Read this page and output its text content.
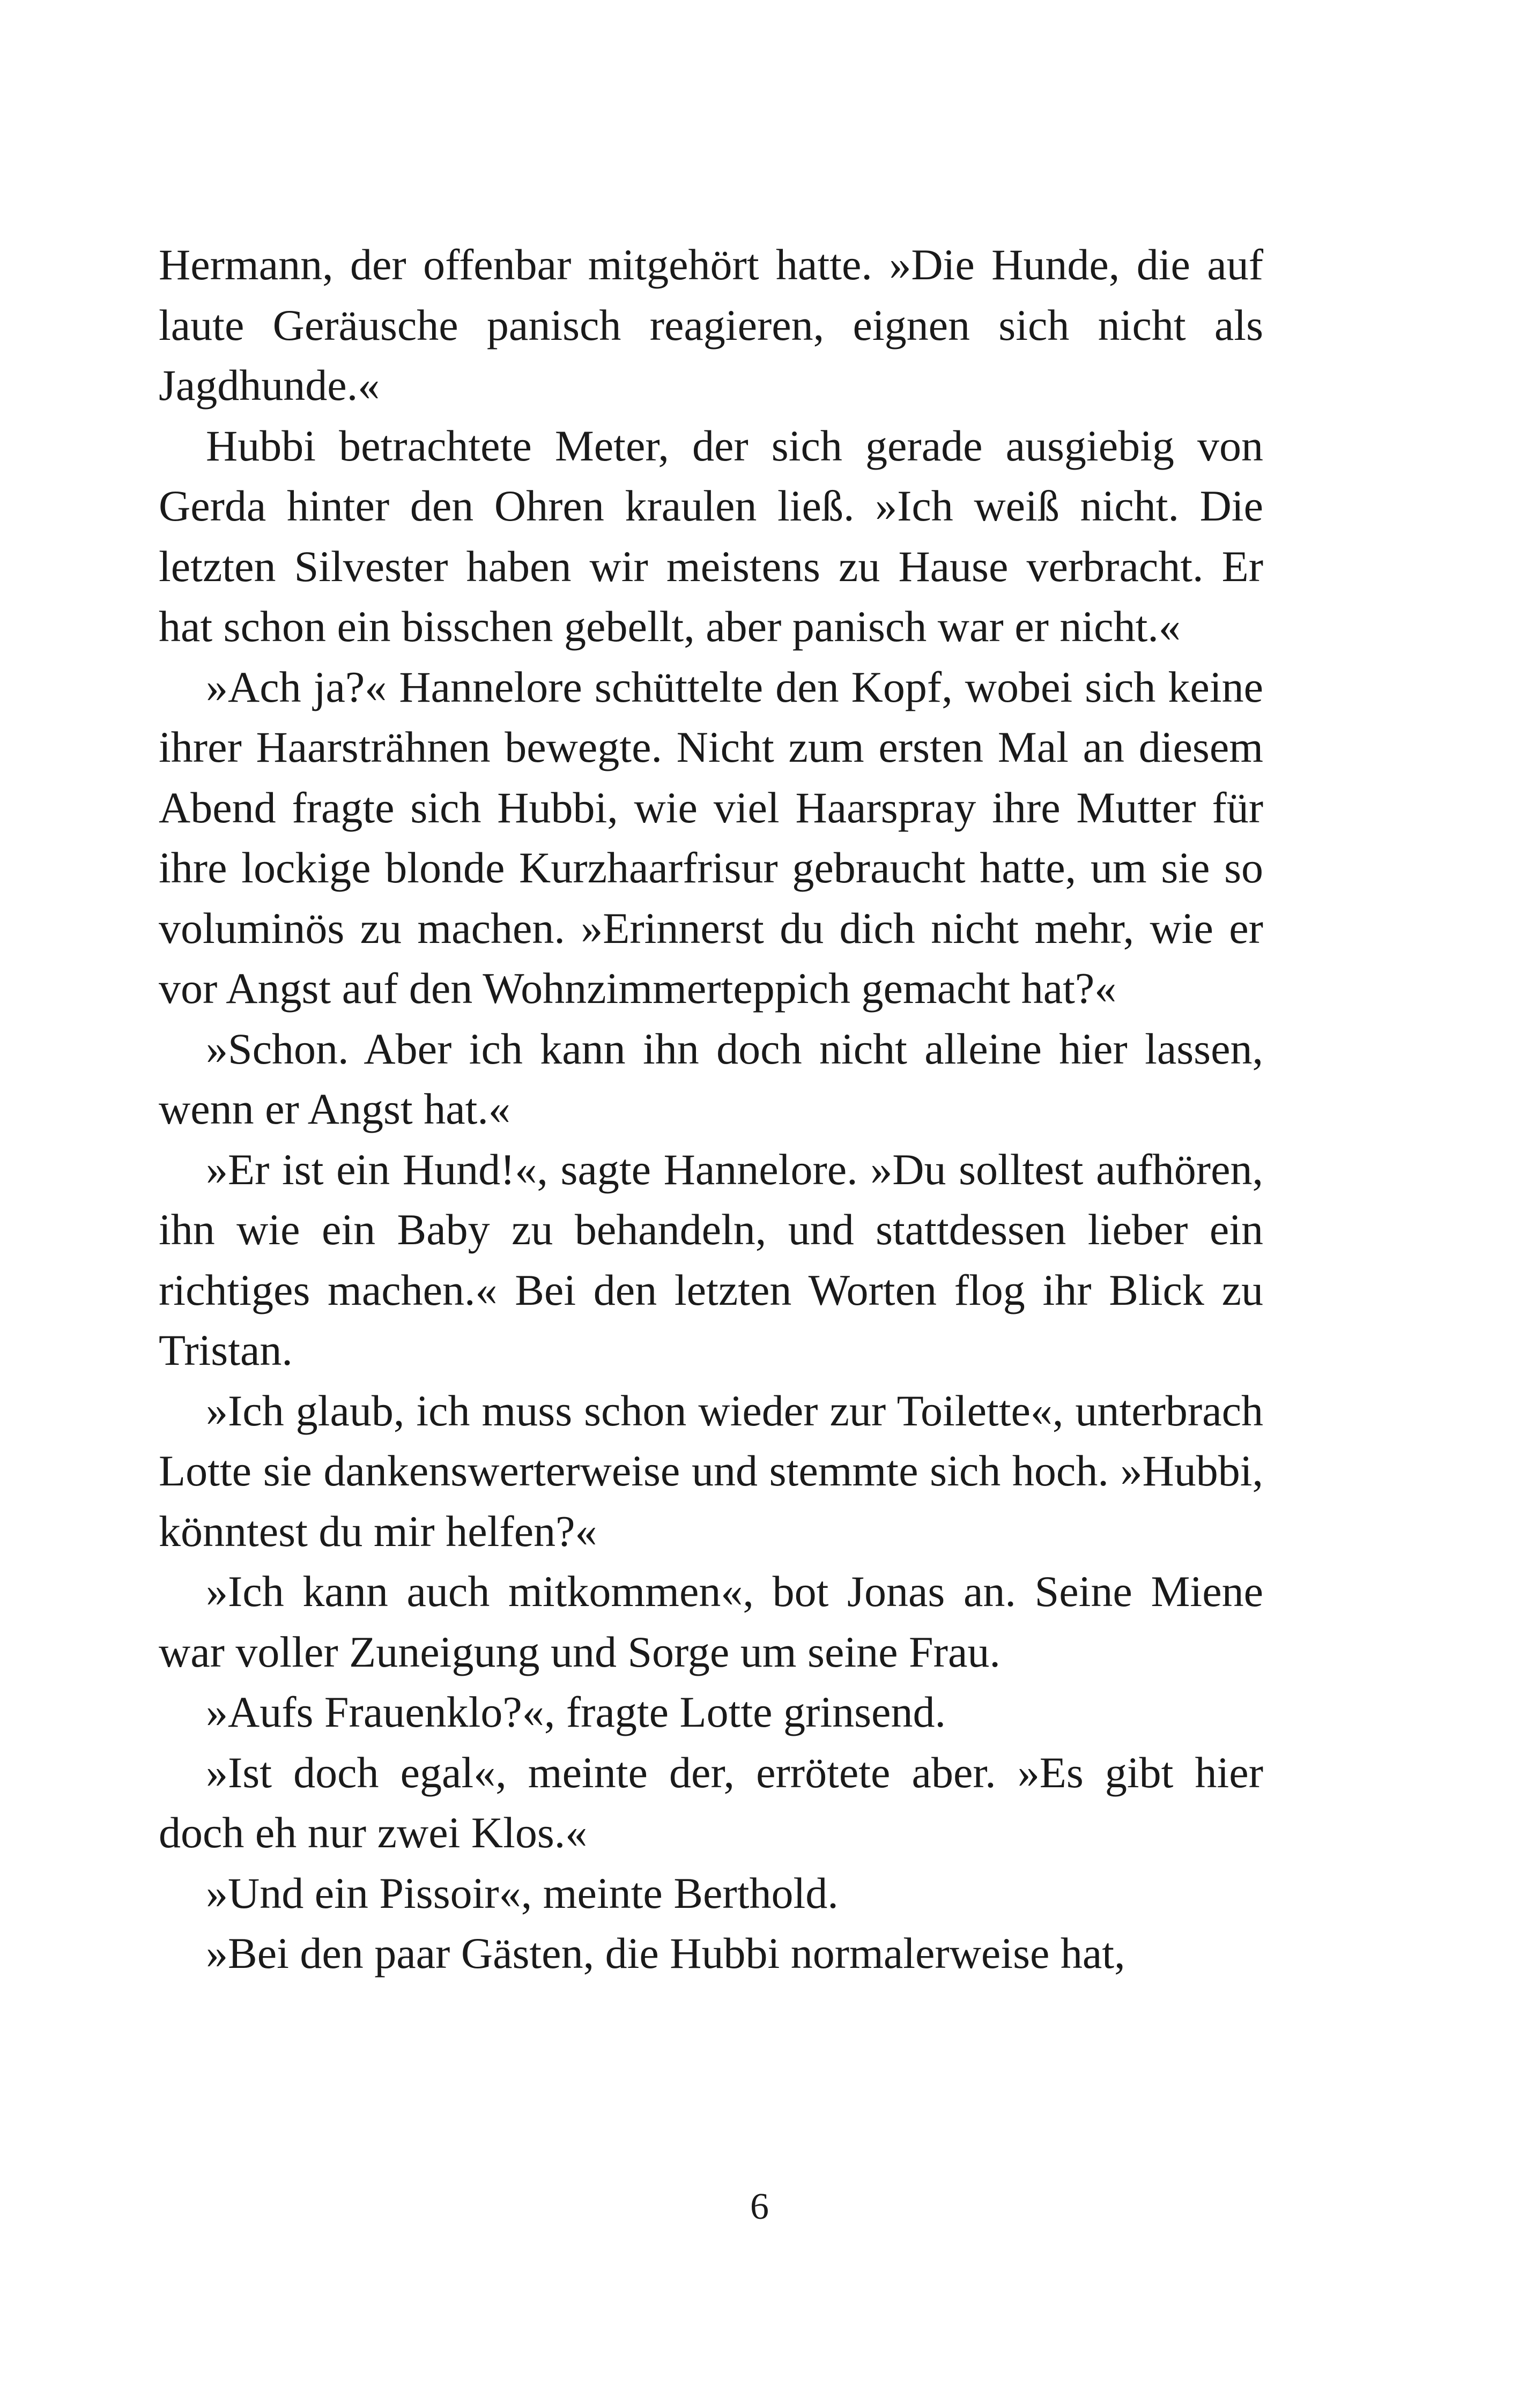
Hermann, der offenbar mitgehört hatte. »Die Hunde, die auf laute Geräusche panisch reagieren, eignen sich nicht als Jagdhunde.«

Hubbi betrachtete Meter, der sich gerade ausgiebig von Gerda hinter den Ohren kraulen ließ. »Ich weiß nicht. Die letzten Silvester haben wir meistens zu Hause verbracht. Er hat schon ein bisschen gebellt, aber panisch war er nicht.«

»Ach ja?« Hannelore schüttelte den Kopf, wobei sich keine ihrer Haarsträhnen bewegte. Nicht zum ersten Mal an diesem Abend fragte sich Hubbi, wie viel Haarspray ihre Mutter für ihre lockige blonde Kurzhaarfrisur gebraucht hatte, um sie so voluminös zu machen. »Erinnerst du dich nicht mehr, wie er vor Angst auf den Wohnzimmerteppich gemacht hat?«

»Schon. Aber ich kann ihn doch nicht alleine hier lassen, wenn er Angst hat.«

»Er ist ein Hund!«, sagte Hannelore. »Du solltest aufhören, ihn wie ein Baby zu behandeln, und stattdessen lieber ein richtiges machen.« Bei den letzten Worten flog ihr Blick zu Tristan.

»Ich glaub, ich muss schon wieder zur Toilette«, unterbrach Lotte sie dankenswerterweise und stemmte sich hoch. »Hubbi, könntest du mir helfen?«

»Ich kann auch mitkommen«, bot Jonas an. Seine Miene war voller Zuneigung und Sorge um seine Frau.

»Aufs Frauenklo?«, fragte Lotte grinsend.

»Ist doch egal«, meinte der, errötete aber. »Es gibt hier doch eh nur zwei Klos.«

»Und ein Pissoir«, meinte Berthold.

»Bei den paar Gästen, die Hubbi normalerweise hat,

6
